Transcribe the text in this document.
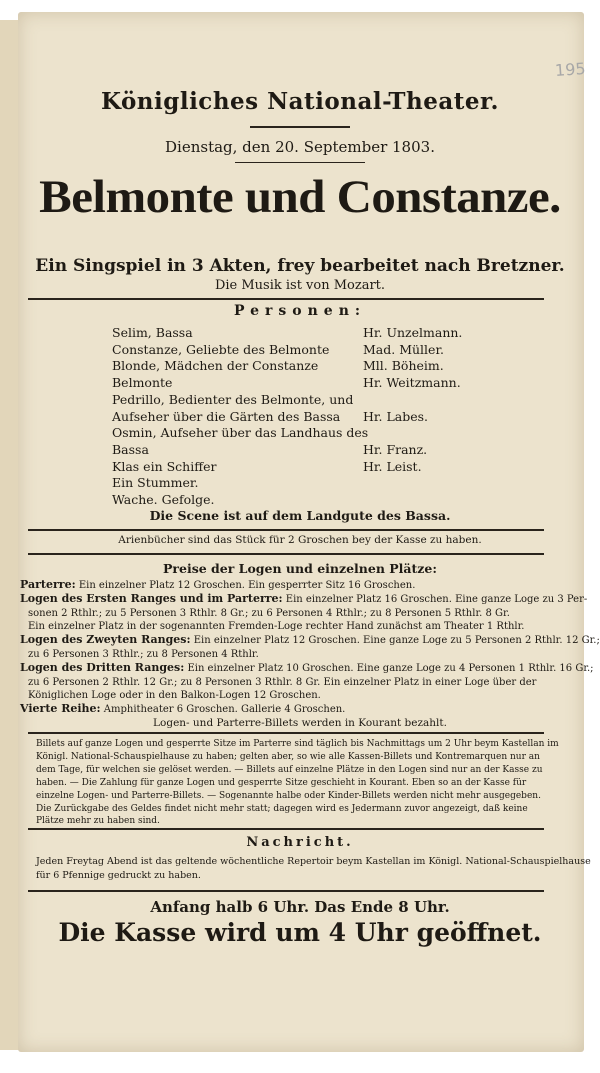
195
Königliches National-Theater.
Dienstag, den 20. September 1803.
Belmonte und Constanze.
Ein Singspiel in 3 Akten, frey bearbeitet nach Bretzner.
Die Musik ist von Mozart.
Personen:
Selim, Bassa	Hr. Unzelmann.
Constanze, Geliebte des Belmonte	Mad. Müller.
Blonde, Mädchen der Constanze	Mll. Böheim.
Belmonte	Hr. Weitzmann.
Pedrillo, Bedienter des Belmonte, und
Aufseher über die Gärten des Bassa Hr. Labes.
Osmin, Aufseher über das Landhaus des
Bassa	Hr. Franz.
Klas ein Schiffer	Hr. Leist.
Ein Stummer.
Wache. Gefolge.
Die Scene ist auf dem Landgute des Bassa.
Arienbücher sind das Stück für 2 Groschen bey der Kasse zu haben.
Preise der Logen und einzelnen Plätze:
Parterre: Ein einzelner Platz 12 Groschen. Ein gesperrter Sitz 16 Groschen.
Logen des Ersten Ranges und im Parterre: Ein einzelner Platz 16 Groschen. Eine ganze Loge zu 3 Per-
sonen 2 Rthlr.; zu 5 Personen 3 Rthlr. 8 Gr.; zu 6 Personen 4 Rthlr.; zu 8 Personen 5 Rthlr. 8 Gr.
Ein einzelner Platz in der sogenannten Fremden-Loge rechter Hand zunächst am Theater 1 Rthlr.
Logen des Zweyten Ranges: Ein einzelner Platz 12 Groschen. Eine ganze Loge zu 5 Personen 2 Rthlr. 12 Gr.;
zu 6 Personen 3 Rthlr.; zu 8 Personen 4 Rthlr.
Logen des Dritten Ranges: Ein einzelner Platz 10 Groschen. Eine ganze Loge zu 4 Personen 1 Rthlr. 16 Gr.;
zu 6 Personen 2 Rthlr. 12 Gr.; zu 8 Personen 3 Rthlr. 8 Gr. Ein einzelner Platz in einer Loge über der
Königlichen Loge oder in den Balkon-Logen 12 Groschen.
Vierte Reihe: Amphitheater 6 Groschen. Gallerie 4 Groschen.
Logen- und Parterre-Billets werden in Kourant bezahlt.
Billets auf ganze Logen und gesperrte Sitze im Parterre sind täglich bis Nachmittags um 2 Uhr beym Kastellan im
Königl. National-Schauspielhause zu haben; gelten aber, so wie alle Kassen-Billets und Kontremarquen nur an
dem Tage, für welchen sie gelöset werden. — Billets auf einzelne Plätze in den Logen sind nur an der Kasse zu
haben. — Die Zahlung für ganze Logen und gesperrte Sitze geschieht in Kourant. Eben so an der Kasse für
einzelne Logen- und Parterre-Billets. — Sogenannte halbe oder Kinder-Billets werden nicht mehr ausgegeben.
Die Zurückgabe des Geldes findet nicht mehr statt; dagegen wird es Jedermann zuvor angezeigt, daß keine
Plätze mehr zu haben sind.
Nachricht.
Jeden Freytag Abend ist das geltende wöchentliche Repertoir beym Kastellan im Königl. National-Schauspielhause
für 6 Pfennige gedruckt zu haben.
Anfang halb 6 Uhr. Das Ende 8 Uhr.
Die Kasse wird um 4 Uhr geöffnet.
